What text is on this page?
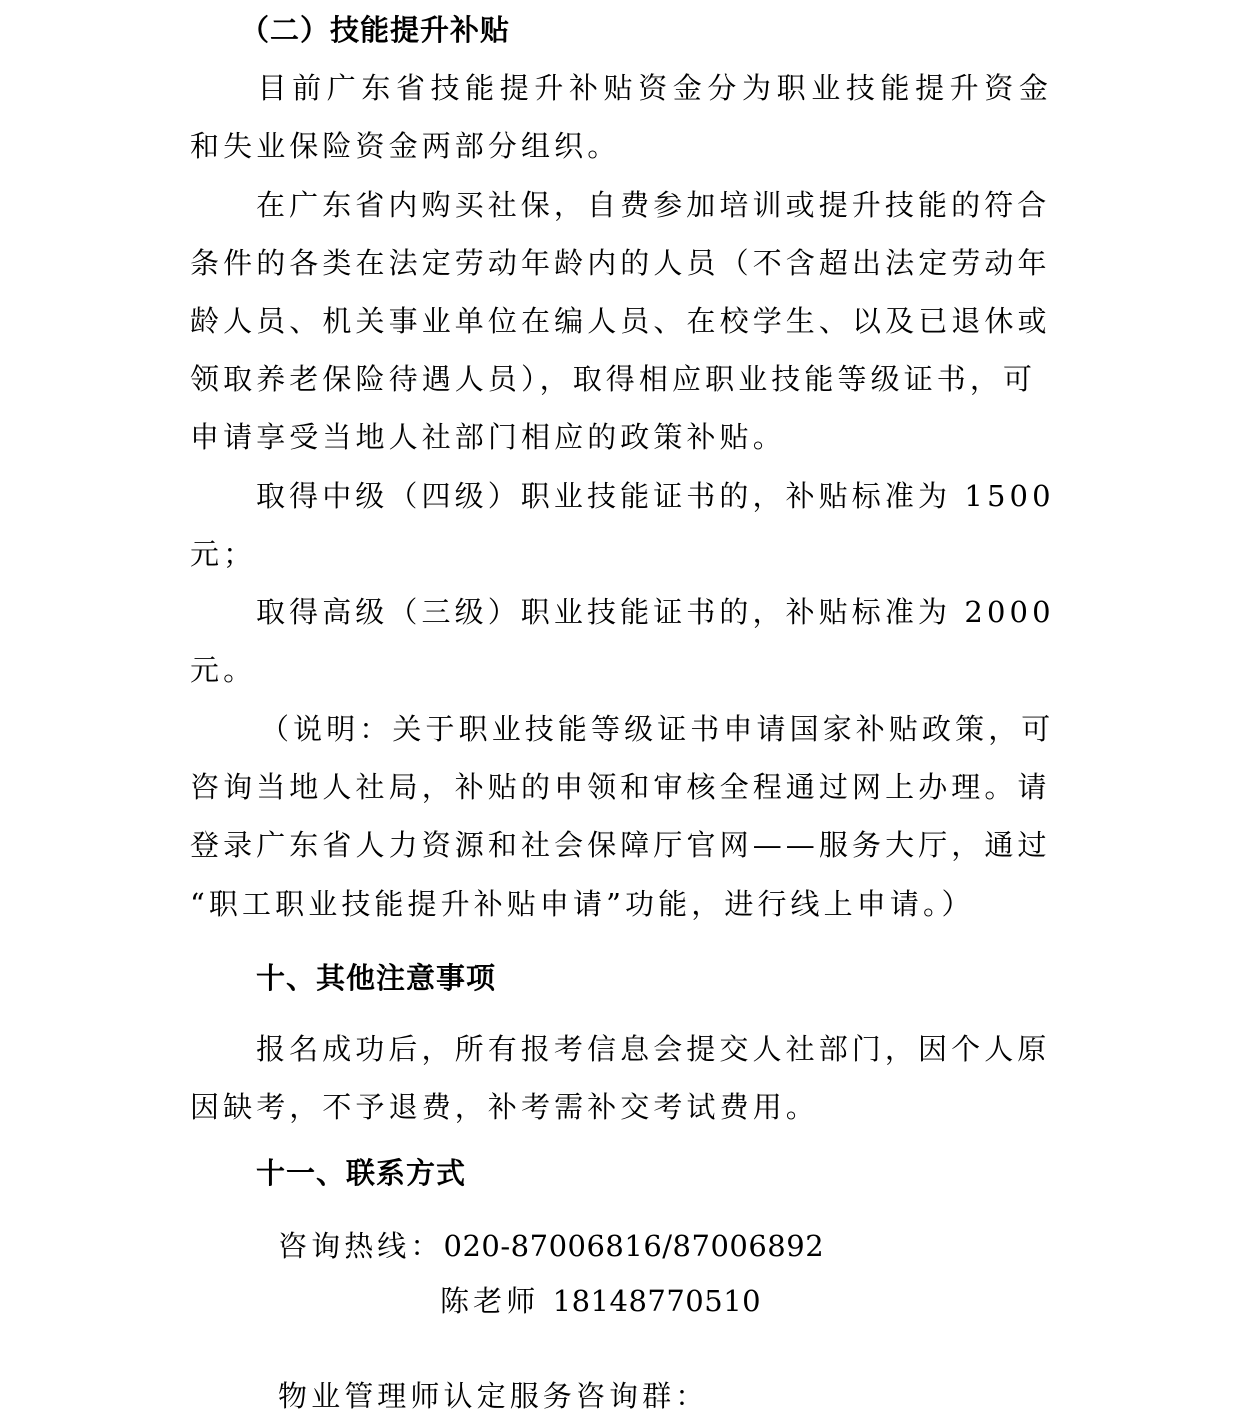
（二）技能提升补贴
目前广东省技能提升补贴资金分为职业技能提升资金
和失业保险资金两部分组织。
在广东省内购买社保，自费参加培训或提升技能的符合
条件的各类在法定劳动年龄内的人员（不含超出法定劳动年
龄人员、机关事业单位在编人员、在校学生、以及已退休或
领取养老保险待遇人员），取得相应职业技能等级证书，可
申请享受当地人社部门相应的政策补贴。
取得中级（四级）职业技能证书的，补贴标准为 1500
元；
取得高级（三级）职业技能证书的，补贴标准为 2000
元。
（说明：关于职业技能等级证书申请国家补贴政策，可
咨询当地人社局，补贴的申领和审核全程通过网上办理。请
登录广东省人力资源和社会保障厅官网——服务大厅，通过
“职工职业技能提升补贴申请”功能，进行线上申请。）
十、其他注意事项
报名成功后，所有报考信息会提交人社部门，因个人原
因缺考，不予退费，补考需补交考试费用。
十一、联系方式
咨询热线：020-87006816/87006892
陈老师 18148770510
物业管理师认定服务咨询群：
